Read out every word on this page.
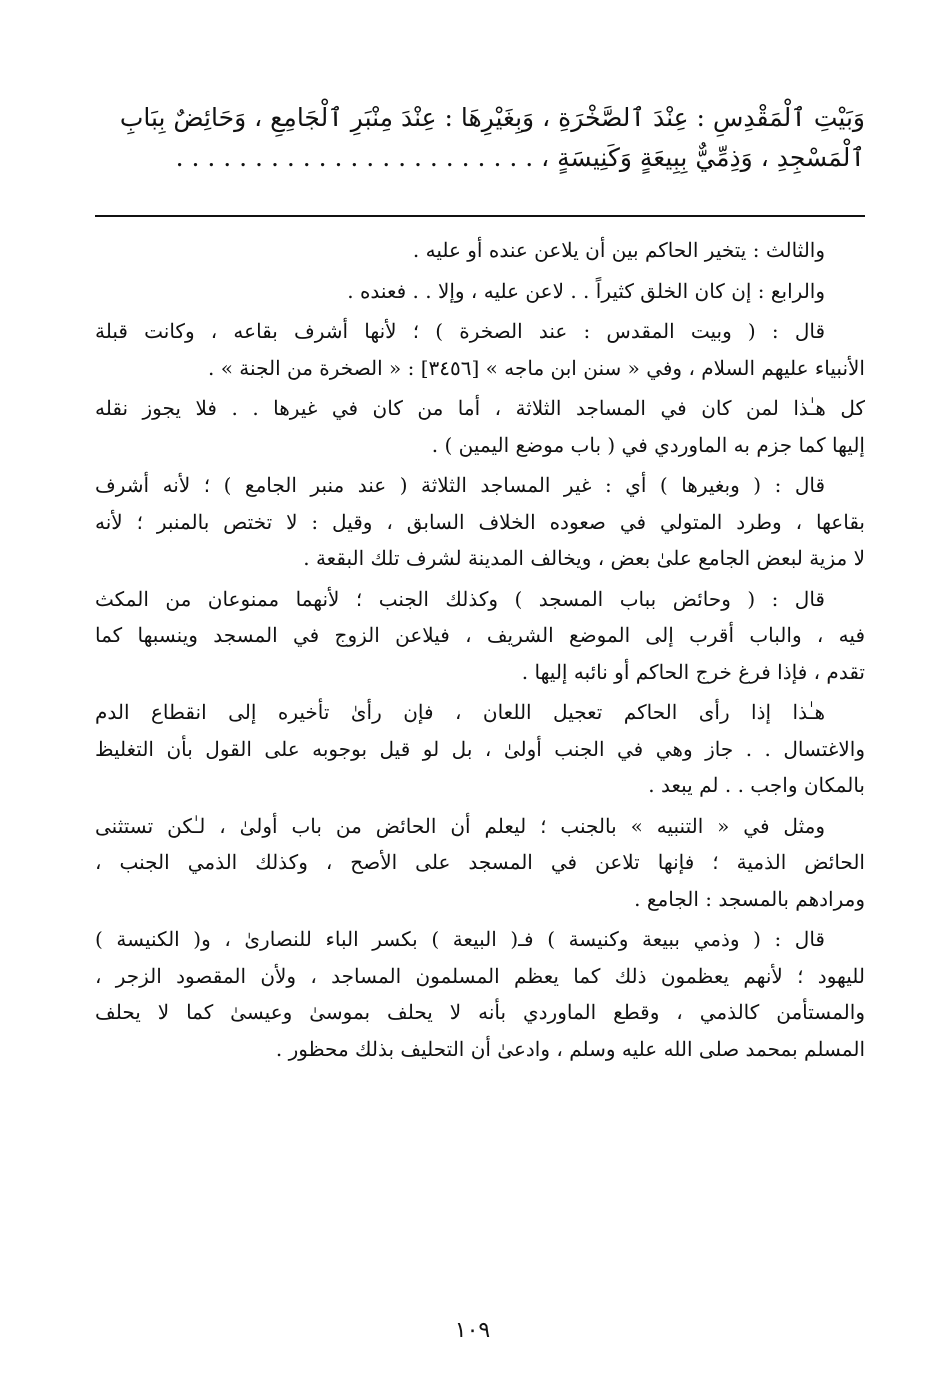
وَبَيْتِ ٱلْمَقْدِسِ : عِنْدَ ٱلصَّخْرَةِ ، وَبِغَيْرِهَا : عِنْدَ مِنْبَرِ ٱلْجَامِعِ ، وَحَائِضٌ بِبَابِ
ٱلْمَسْجِدِ ، وَذِمِّيٌّ بِبِيعَةٍ وَكَنِيسَةٍ ، . . . . . . . . . . . . . . . . . . . . . . .
والثالث : يتخير الحاكم بين أن يلاعن عنده أو عليه .
والرابع : إن كان الخلق كثيراً . . لاعن عليه ، وإلا . . فعنده .
قال : ( وبيت المقدس : عند الصخرة ) ؛ لأنها أشرف بقاعه ، وكانت قبلة
الأنبياء عليهم السلام ، وفي « سنن ابن ماجه » [٣٤٥٦] : « الصخرة من الجنة » .
كل هـٰذا لمن كان في المساجد الثلاثة ، أما من كان في غيرها . . فلا يجوز نقله
إليها كما جزم به الماوردي في ( باب موضع اليمين ) .
قال : ( وبغيرها ) أي : غير المساجد الثلاثة ( عند منبر الجامع ) ؛ لأنه أشرف
بقاعها ، وطرد المتولي في صعوده الخلاف السابق ، وقيل : لا تختص بالمنبر ؛ لأنه
لا مزية لبعض الجامع علىٰ بعض ، ويخالف المدينة لشرف تلك البقعة .
قال : ( وحائض بباب المسجد ) وكذلك الجنب ؛ لأنهما ممنوعان من المكث
فيه ، والباب أقرب إلى الموضع الشريف ، فيلاعن الزوج في المسجد وينسبها كما
تقدم ، فإذا فرغ خرج الحاكم أو نائبه إليها .
هـٰذا إذا رأى الحاكم تعجيل اللعان ، فإن رأىٰ تأخيره إلى انقطاع الدم
والاغتسال . . جاز وهي في الجنب أولىٰ ، بل لو قيل بوجوبه على القول بأن التغليظ
بالمكان واجب . . لم يبعد .
ومثل في « التنبيه » بالجنب ؛ ليعلم أن الحائض من باب أولىٰ ، لـٰكن تستثنى
الحائض الذمية ؛ فإنها تلاعن في المسجد على الأصح ، وكذلك الذمي الجنب ،
ومرادهم بالمسجد : الجامع .
قال : ( وذمي ببيعة وكنيسة ) فـ( البيعة ) بكسر الباء للنصارىٰ ، و( الكنيسة )
لليهود ؛ لأنهم يعظمون ذلك كما يعظم المسلمون المساجد ، ولأن المقصود الزجر ،
والمستأمن كالذمي ، وقطع الماوردي بأنه لا يحلف بموسىٰ وعيسىٰ كما لا يحلف
المسلم بمحمد صلى الله عليه وسلم ، وادعىٰ أن التحليف بذلك محظور .
١٠٩
